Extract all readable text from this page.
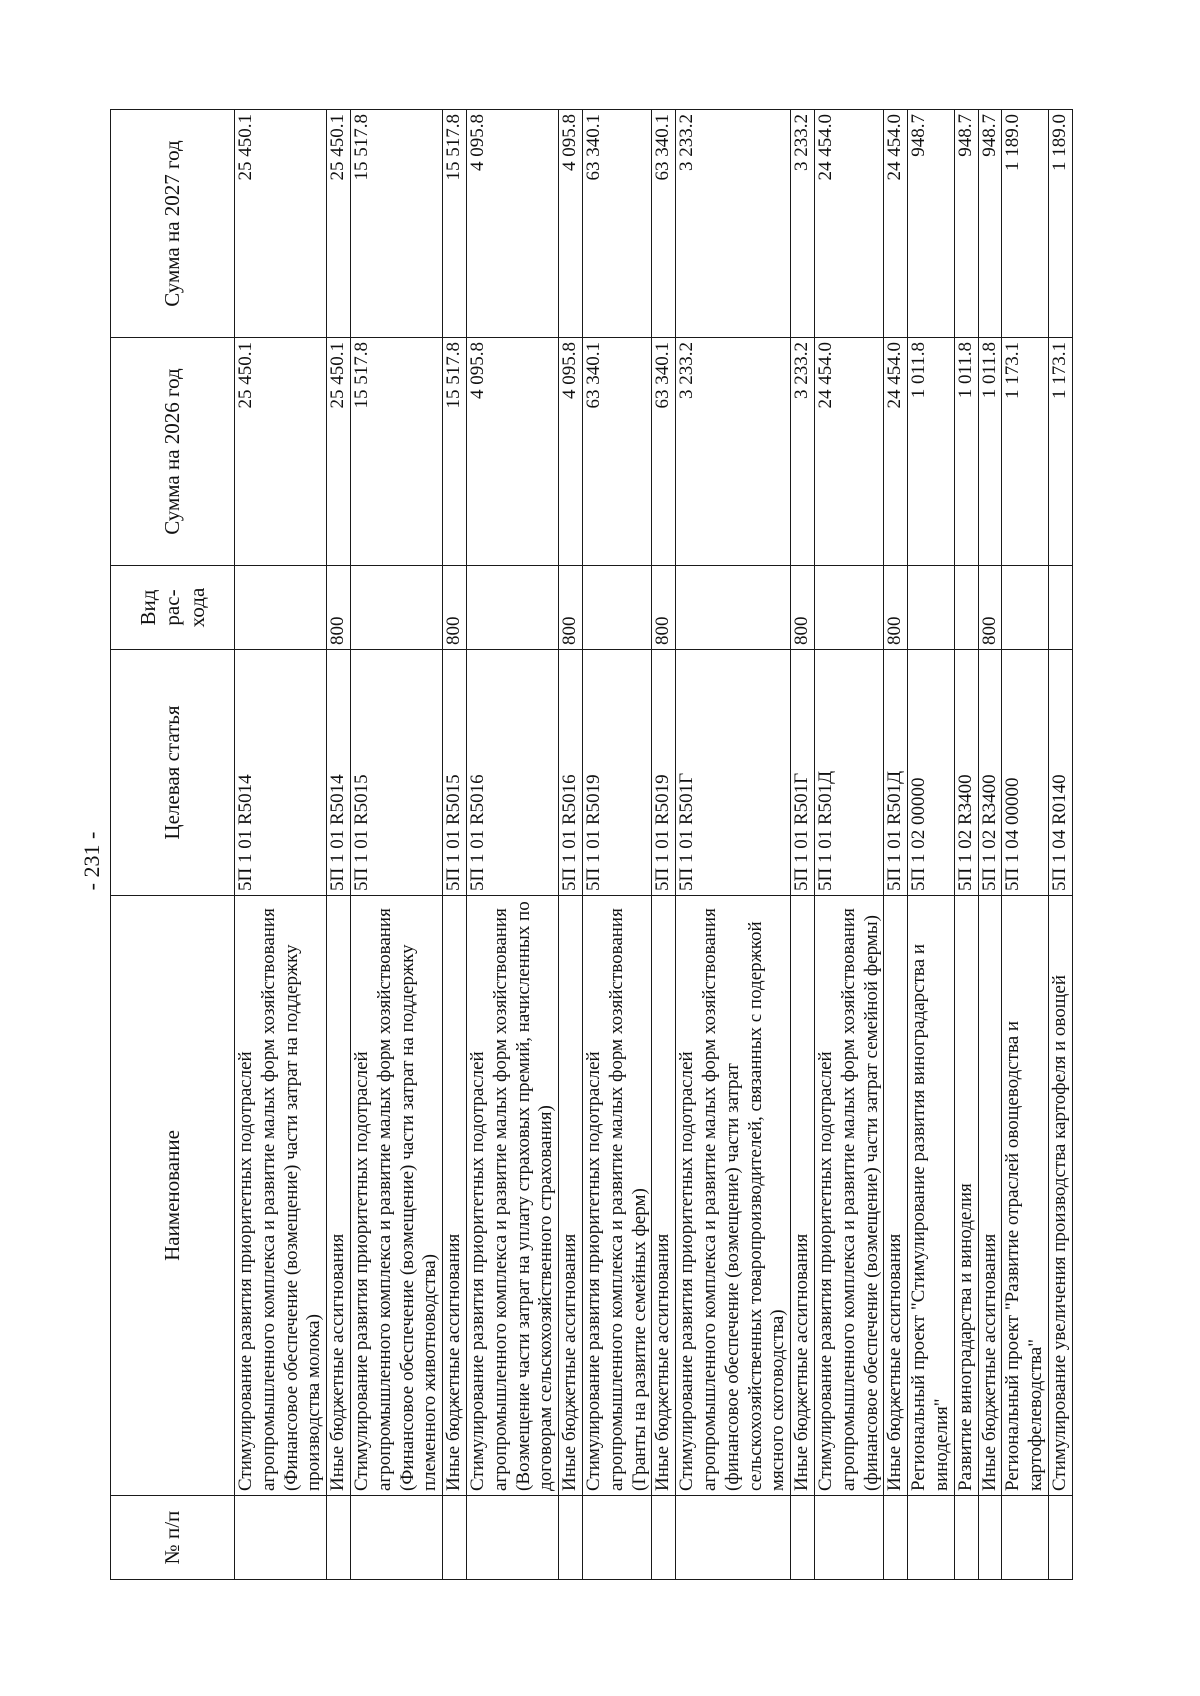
- 231 -
№ п/п	Наименование	Целевая статья	Вид рас-хода	Сумма на 2026 год	Сумма на 2027 год
	Стимулирование развития приоритетных подотраслей агропромышленного комплекса и развитие малых форм хозяйствования (Финансовое обеспечение (возмещение) части затрат на поддержку производства молока)	5П 1 01 R5014		25 450.1	25 450.1
	Иные бюджетные ассигнования	5П 1 01 R5014	800	25 450.1	25 450.1
	Стимулирование развития приоритетных подотраслей агропромышленного комплекса и развитие малых форм хозяйствования (Финансовое обеспечение (возмещение) части затрат на поддержку племенного животноводства)	5П 1 01 R5015		15 517.8	15 517.8
	Иные бюджетные ассигнования	5П 1 01 R5015	800	15 517.8	15 517.8
	Стимулирование развития приоритетных подотраслей агропромышленного комплекса и развитие малых форм хозяйствования (Возмещение части затрат на уплату страховых премий, начисленных по договорам сельскохозяйственного страхования)	5П 1 01 R5016		4 095.8	4 095.8
	Иные бюджетные ассигнования	5П 1 01 R5016	800	4 095.8	4 095.8
	Стимулирование развития приоритетных подотраслей агропромышленного комплекса и развитие малых форм хозяйствования (Гранты на развитие семейных ферм)	5П 1 01 R5019		63 340.1	63 340.1
	Иные бюджетные ассигнования	5П 1 01 R5019	800	63 340.1	63 340.1
	Стимулирование развития приоритетных подотраслей агропромышленного комплекса и развитие малых форм хозяйствования (финансовое обеспечение (возмещение) части затрат сельскохозяйственных товаропроизводителей, связанных с подержкой мясного скотоводства)	5П 1 01 R501Г		3 233.2	3 233.2
	Иные бюджетные ассигнования	5П 1 01 R501Г	800	3 233.2	3 233.2
	Стимулирование развития приоритетных подотраслей агропромышленного комплекса и развитие малых форм хозяйствования (финансовое обеспечение (возмещение) части затрат семейной фермы)	5П 1 01 R501Д		24 454.0	24 454.0
	Иные бюджетные ассигнования	5П 1 01 R501Д	800	24 454.0	24 454.0
	Региональный проект "Стимулирование развития виноградарства и виноделия"	5П 1 02 00000		1 011.8	948.7
	Развитие виноградарства и виноделия	5П 1 02 R3400		1 011.8	948.7
	Иные бюджетные ассигнования	5П 1 02 R3400	800	1 011.8	948.7
	Региональный проект "Развитие отраслей овощеводства и картофелеводства"	5П 1 04 00000		1 173.1	1 189.0
	Стимулирование увеличения производства картофеля и овощей	5П 1 04 R0140		1 173.1	1 189.0
